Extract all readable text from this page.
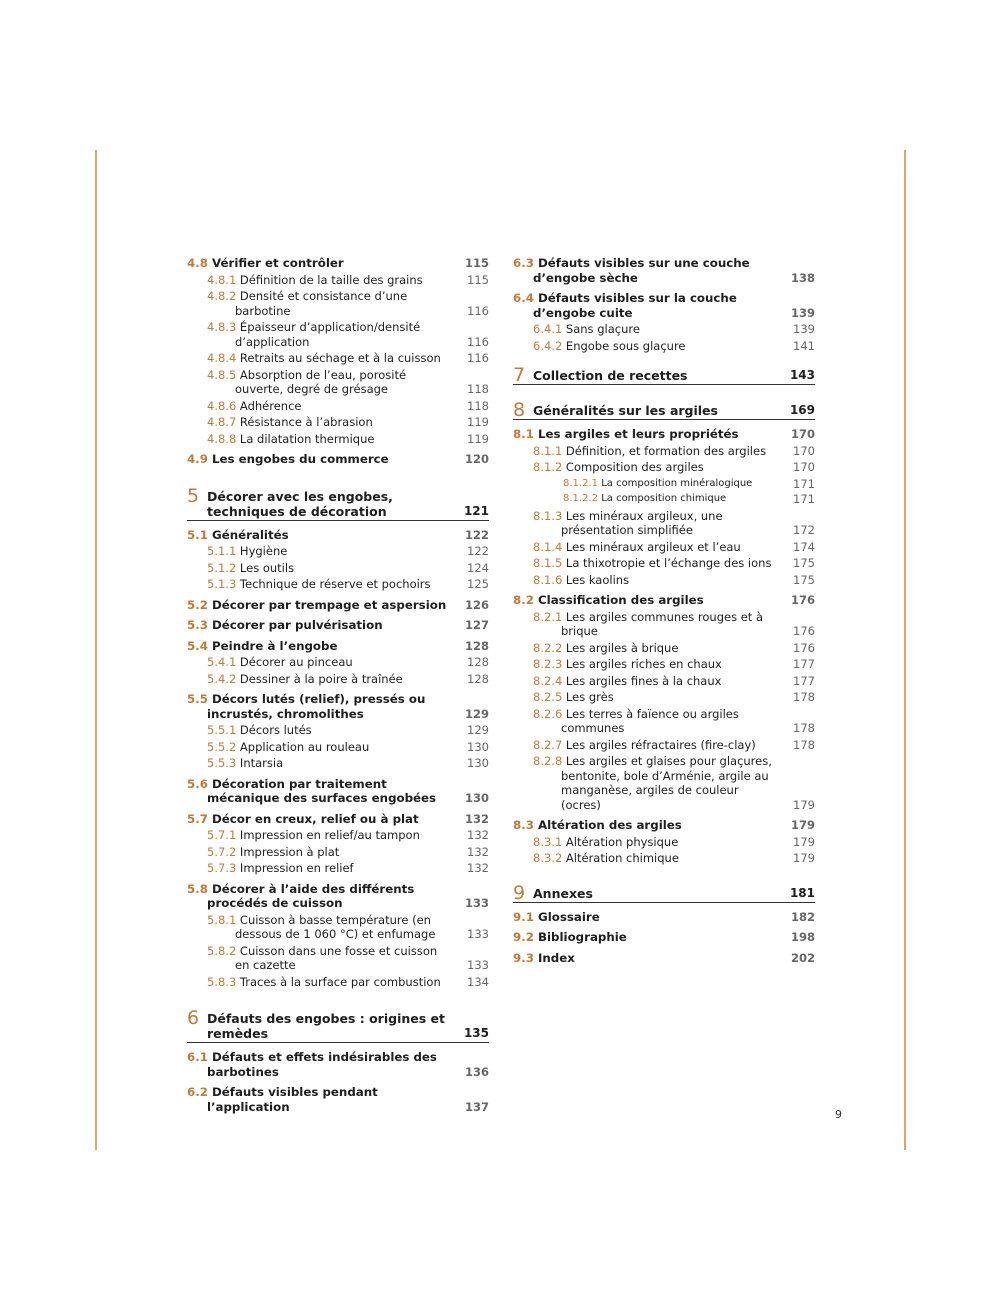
4.8 Vérifier et contrôler	115
4.8.1 Définition de la taille des grains	115
4.8.2 Densité et consistance d’une barbotine	116
4.8.3 Épaisseur d’application/densité d’application	116
4.8.4 Retraits au séchage et à la cuisson	116
4.8.5 Absorption de l’eau, porosité ouverte, degré de grésage	118
4.8.6 Adhérence	118
4.8.7 Résistance à l’abrasion	119
4.8.8 La dilatation thermique	119
4.9 Les engobes du commerce	120
5 Décorer avec les engobes, techniques de décoration	121
5.1 Généralités	122
5.1.1 Hygiène	122
5.1.2 Les outils	124
5.1.3 Technique de réserve et pochoirs	125
5.2 Décorer par trempage et aspersion	126
5.3 Décorer par pulvérisation	127
5.4 Peindre à l’engobe	128
5.4.1 Décorer au pinceau	128
5.4.2 Dessiner à la poire à traînée	128
5.5 Décors lutés (relief), pressés ou incrustés, chromolithes	129
5.5.1 Décors lutés	129
5.5.2 Application au rouleau	130
5.5.3 Intarsia	130
5.6 Décoration par traitement mécanique des surfaces engobées	130
5.7 Décor en creux, relief ou à plat	132
5.7.1 Impression en relief/au tampon	132
5.7.2 Impression à plat	132
5.7.3 Impression en relief	132
5.8 Décorer à l’aide des différents procédés de cuisson	133
5.8.1 Cuisson à basse température (en dessous de 1 060 °C) et enfumage	133
5.8.2 Cuisson dans une fosse et cuisson en cazette	133
5.8.3 Traces à la surface par combustion	134
6 Défauts des engobes : origines et remèdes	135
6.1 Défauts et effets indésirables des barbotines	136
6.2 Défauts visibles pendant l’application	137
6.3 Défauts visibles sur une couche d’engobe sèche	138
6.4 Défauts visibles sur la couche d’engobe cuite	139
6.4.1 Sans glaçure	139
6.4.2 Engobe sous glaçure	141
7 Collection de recettes	143
8 Généralités sur les argiles	169
8.1 Les argiles et leurs propriétés	170
8.1.1 Définition, et formation des argiles	170
8.1.2 Composition des argiles	170
8.1.2.1 La composition minéralogique	171
8.1.2.2 La composition chimique	171
8.1.3 Les minéraux argileux, une présentation simplifiée	172
8.1.4 Les minéraux argileux et l’eau	174
8.1.5 La thixotropie et l’échange des ions	175
8.1.6 Les kaolins	175
8.2 Classification des argiles	176
8.2.1 Les argiles communes rouges et à brique	176
8.2.2 Les argiles à brique	176
8.2.3 Les argiles riches en chaux	177
8.2.4 Les argiles fines à la chaux	177
8.2.5 Les grès	178
8.2.6 Les terres à faïence ou argiles communes	178
8.2.7 Les argiles réfractaires (fire-clay)	178
8.2.8 Les argiles et glaises pour glaçures, bentonite, bole d’Arménie, argile au manganèse, argiles de couleur (ocres)	179
8.3 Altération des argiles	179
8.3.1 Altération physique	179
8.3.2 Altération chimique	179
9 Annexes	181
9.1 Glossaire	182
9.2 Bibliographie	198
9.3 Index	202
9
